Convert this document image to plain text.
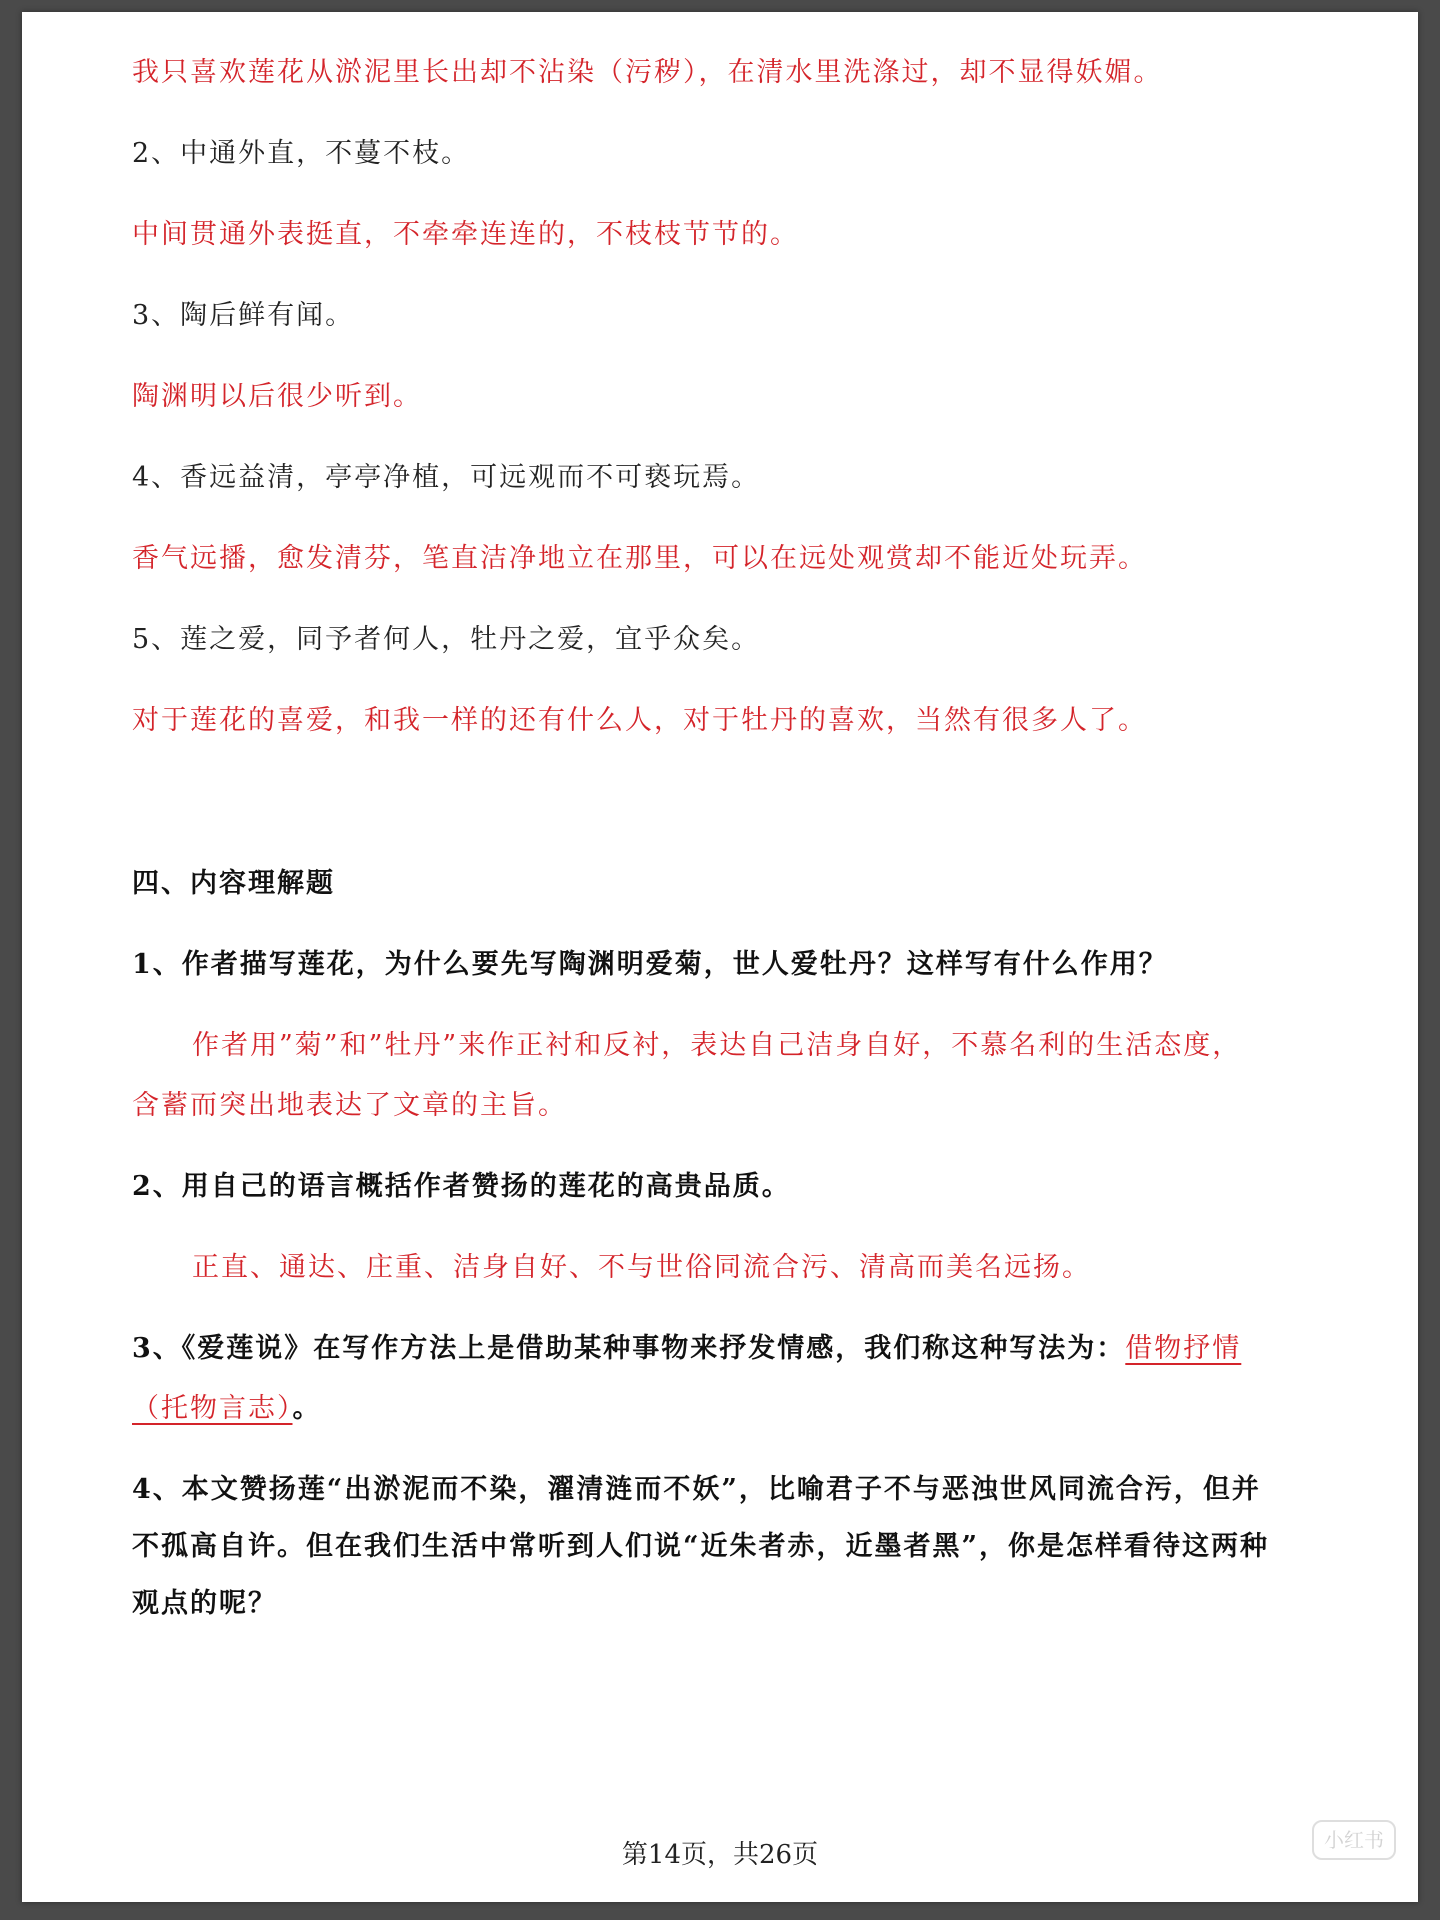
我只喜欢莲花从淤泥里长出却不沾染（污秽），在清水里洗涤过，却不显得妖媚。
2、中通外直，不蔓不枝。
中间贯通外表挺直，不牵牵连连的，不枝枝节节的。
3、陶后鲜有闻。
陶渊明以后很少听到。
4、香远益清，亭亭净植，可远观而不可亵玩焉。
香气远播，愈发清芬，笔直洁净地立在那里，可以在远处观赏却不能近处玩弄。
5、莲之爱，同予者何人，牡丹之爱，宜乎众矣。
对于莲花的喜爱，和我一样的还有什么人，对于牡丹的喜欢，当然有很多人了。
四、内容理解题
1、作者描写莲花，为什么要先写陶渊明爱菊，世人爱牡丹？这样写有什么作用？
作者用”菊”和”牡丹”来作正衬和反衬，表达自己洁身自好，不慕名利的生活态度，
含蓄而突出地表达了文章的主旨。
2、用自己的语言概括作者赞扬的莲花的高贵品质。
正直、通达、庄重、洁身自好、不与世俗同流合污、清高而美名远扬。
3、《爱莲说》在写作方法上是借助某种事物来抒发情感，我们称这种写法为：借物抒情
（托物言志）。
4、本文赞扬莲“出淤泥而不染，濯清涟而不妖”，比喻君子不与恶浊世风同流合污，但并
不孤高自许。但在我们生活中常听到人们说“近朱者赤，近墨者黑”，你是怎样看待这两种
观点的呢？
第14页，共26页	小红书
